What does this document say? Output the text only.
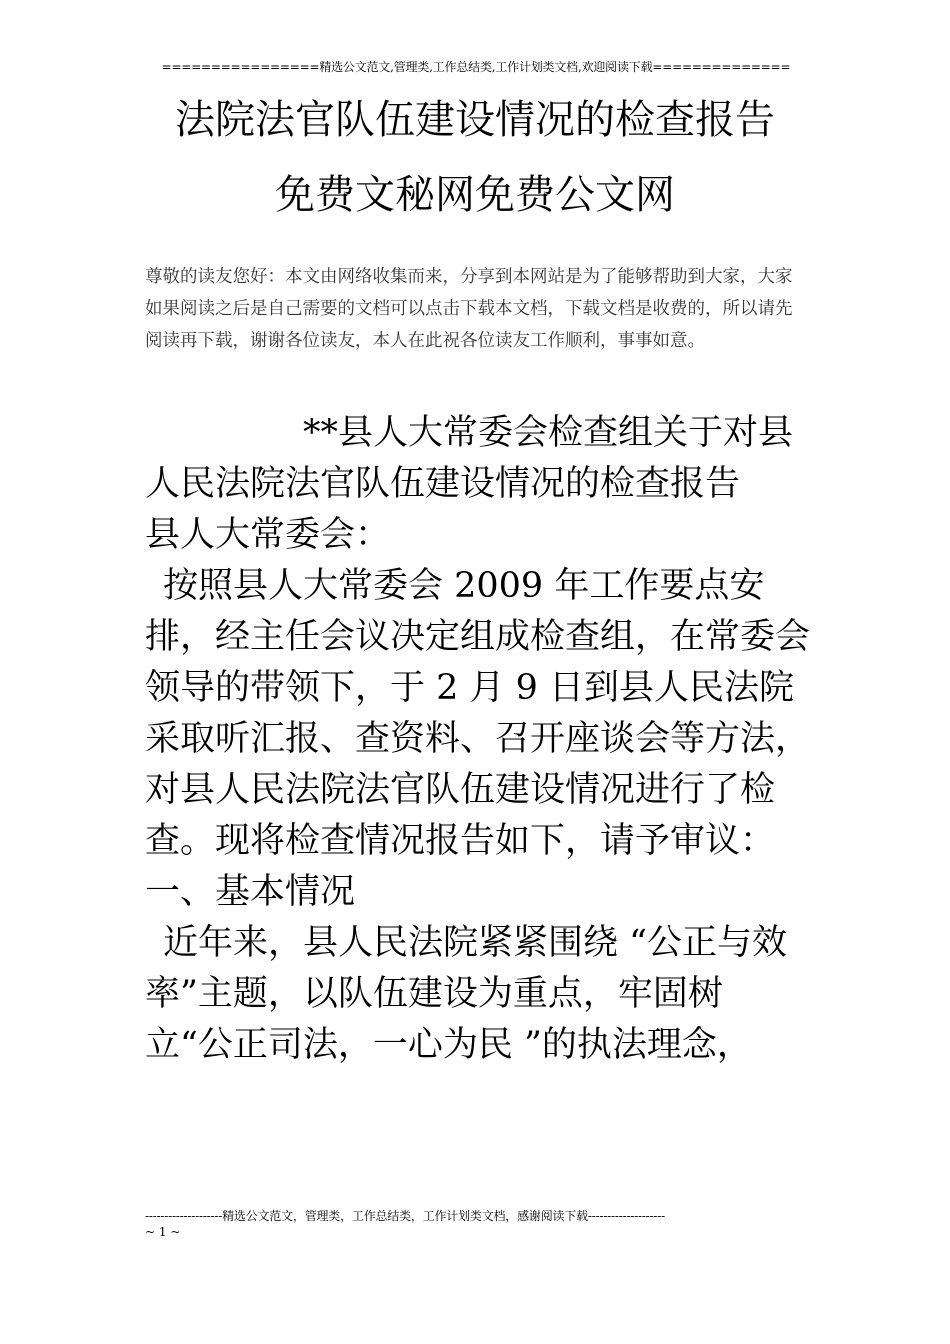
================精选公文范文,管理类,工作总结类,工作计划类文档,欢迎阅读下载==============
法院法官队伍建设情况的检查报告
免费文秘网免费公文网
尊敬的读友您好：本文由网络收集而来，分享到本网站是为了能够帮助到大家，大家如果阅读之后是自己需要的文档可以点击下载本文档，下载文档是收费的，所以请先阅读再下载，谢谢各位读友，本人在此祝各位读友工作顺利，事事如意。

**县人大常委会检查组关于对县人民法院法官队伍建设情况的检查报告

县人大常委会：

按照县人大常委会 2009 年工作要点安排，经主任会议决定组成检查组，在常委会领导的带领下，于 2 月 9 日到县人民法院采取听汇报、查资料、召开座谈会等方法，对县人民法院法官队伍建设情况进行了检查。现将检查情况报告如下，请予审议：

一、基本情况

近年来，县人民法院紧紧围绕 “公正与效率”主题，以队伍建设为重点，牢固树立“公正司法，一心为民 ”的执法理念，

--------------------精选公文范文，管理类，工作总结类，工作计划类文档，感谢阅读下载--------------------
~ 1 ~
